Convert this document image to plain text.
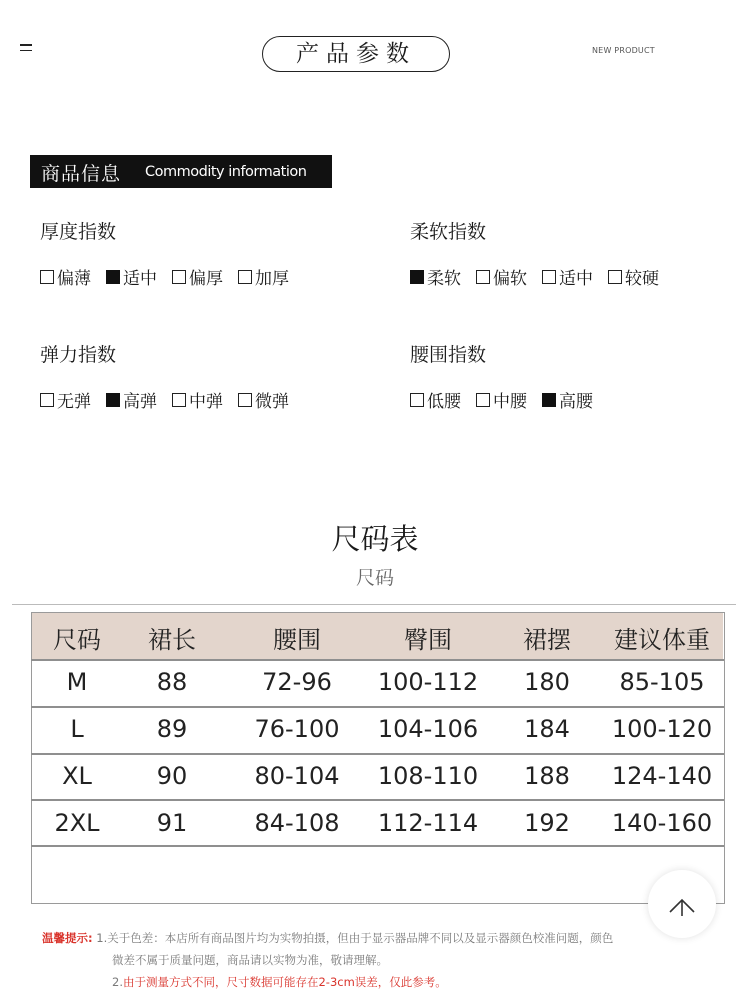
产品参数	NEW PRODUCT
商品信息 Commodity information
厚度指数
偏薄 适中 偏厚 加厚
柔软指数
柔软 偏软 适中 较硬
弹力指数
无弹 高弹 中弹 微弹
腰围指数
低腰 中腰 高腰
尺码表
尺码
尺码	裙长	腰围	臀围	裙摆	建议体重
M	88	72-96	100-112	180	85-105
L	89	76-100	104-106	184	100-120
XL	90	80-104	108-110	188	124-140
2XL	91	84-108	112-114	192	140-160
温馨提示: 1.关于色差：本店所有商品图片均为实物拍摄，但由于显示器品牌不同以及显示器颜色校准问题，颜色
微差不属于质量问题，商品请以实物为准，敬请理解。
2.由于测量方式不同，尺寸数据可能存在2-3cm误差，仅此参考。
